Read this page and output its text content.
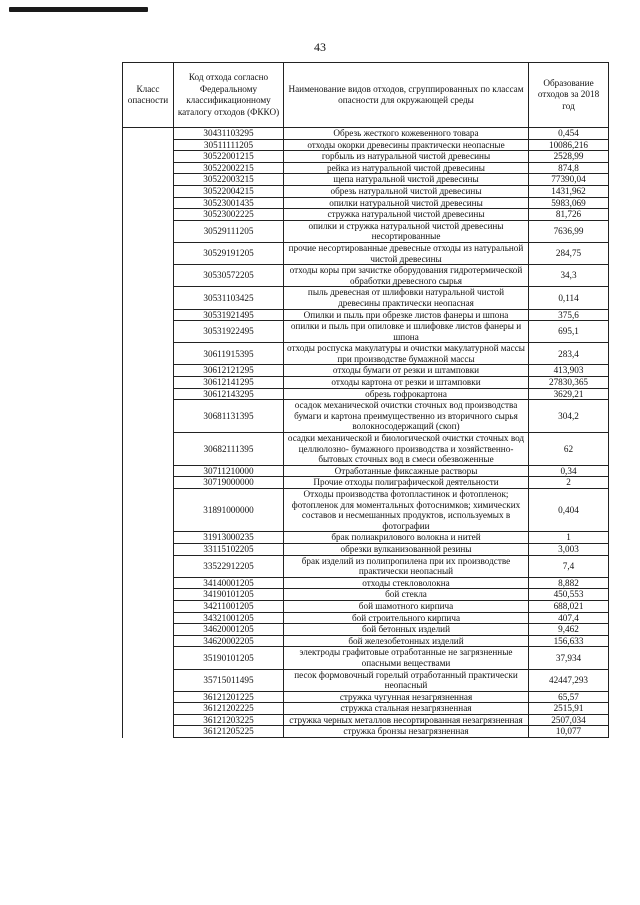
43
Класс опасности	Код отхода согласно Федеральному классификационному каталогу отходов (ФККО)	Наименование видов отходов, сгруппированных по классам опасности для окружающей среды	Образование отходов за 2018 год
	30431103295	Обрезь жесткого кожевенного товара	0,454
	30511111205	отходы окорки древесины практически неопасные	10086,216
	30522001215	горбыль из натуральной чистой древесины	2528,99
	30522002215	рейка из натуральной чистой древесины	874,8
	30522003215	щепа натуральной чистой древесины	77390,04
	30522004215	обрезь натуральной чистой древесины	1431,962
	30523001435	опилки натуральной чистой древесины	5983,069
	30523002225	стружка натуральной чистой древесины	81,726
	30529111205	опилки и стружка натуральной чистой древесины несортированные	7636,99
	30529191205	прочие несортированные древесные отходы из натуральной чистой древесины	284,75
	30530572205	отходы коры при зачистке оборудования гидротермической обработки древесного сырья	34,3
	30531103425	пыль древесная от шлифовки натуральной чистой древесины практически неопасная	0,114
	30531921495	Опилки и пыль при обрезке листов фанеры и шпона	375,6
	30531922495	опилки и пыль при опиловке и шлифовке листов фанеры и шпона	695,1
	30611915395	отходы роспуска макулатуры и очистки макулатурной массы при производстве бумажной массы	283,4
	30612121295	отходы бумаги от резки и штамповки	413,903
	30612141295	отходы картона от резки и штамповки	27830,365
	30612143295	обрезь гофрокартона	3629,21
	30681131395	осадок механической очистки сточных вод производства бумаги и картона преимущественно из вторичного сырья волокносодержащий (скоп)	304,2
	30682111395	осадки механической и биологической очистки сточных вод целлюлозно- бумажного производства и хозяйственно-бытовых сточных вод в смеси обезвоженные	62
	30711210000	Отработанные фиксажные растворы	0,34
	30719000000	Прочие отходы полиграфической деятельности	2
	31891000000	Отходы производства фотопластинок и фотопленок; фотопленок для моментальных фотоснимков; химических составов и несмешанных продуктов, используемых в фотографии	0,404
	31913000235	брак полиакрилового волокна и нитей	1
	33115102205	обрезки вулканизованной резины	3,003
	33522912205	брак изделий из полипропилена при их производстве практически неопасный	7,4
	34140001205	отходы стекловолокна	8,882
	34190101205	бой стекла	450,553
	34211001205	бой шамотного кирпича	688,021
	34321001205	бой строительного кирпича	407,4
	34620001205	бой бетонных изделий	9,462
	34620002205	бой железобетонных изделий	156,633
	35190101205	электроды графитовые отработанные не загрязненные опасными веществами	37,934
	35715011495	песок формовочный горелый отработанный практически неопасный	42447,293
	36121201225	стружка чугунная незагрязненная	65,57
	36121202225	стружка стальная незагрязненная	2515,91
	36121203225	стружка черных металлов несортированная незагрязненная	2507,034
	36121205225	стружка бронзы незагрязненная	10,077
